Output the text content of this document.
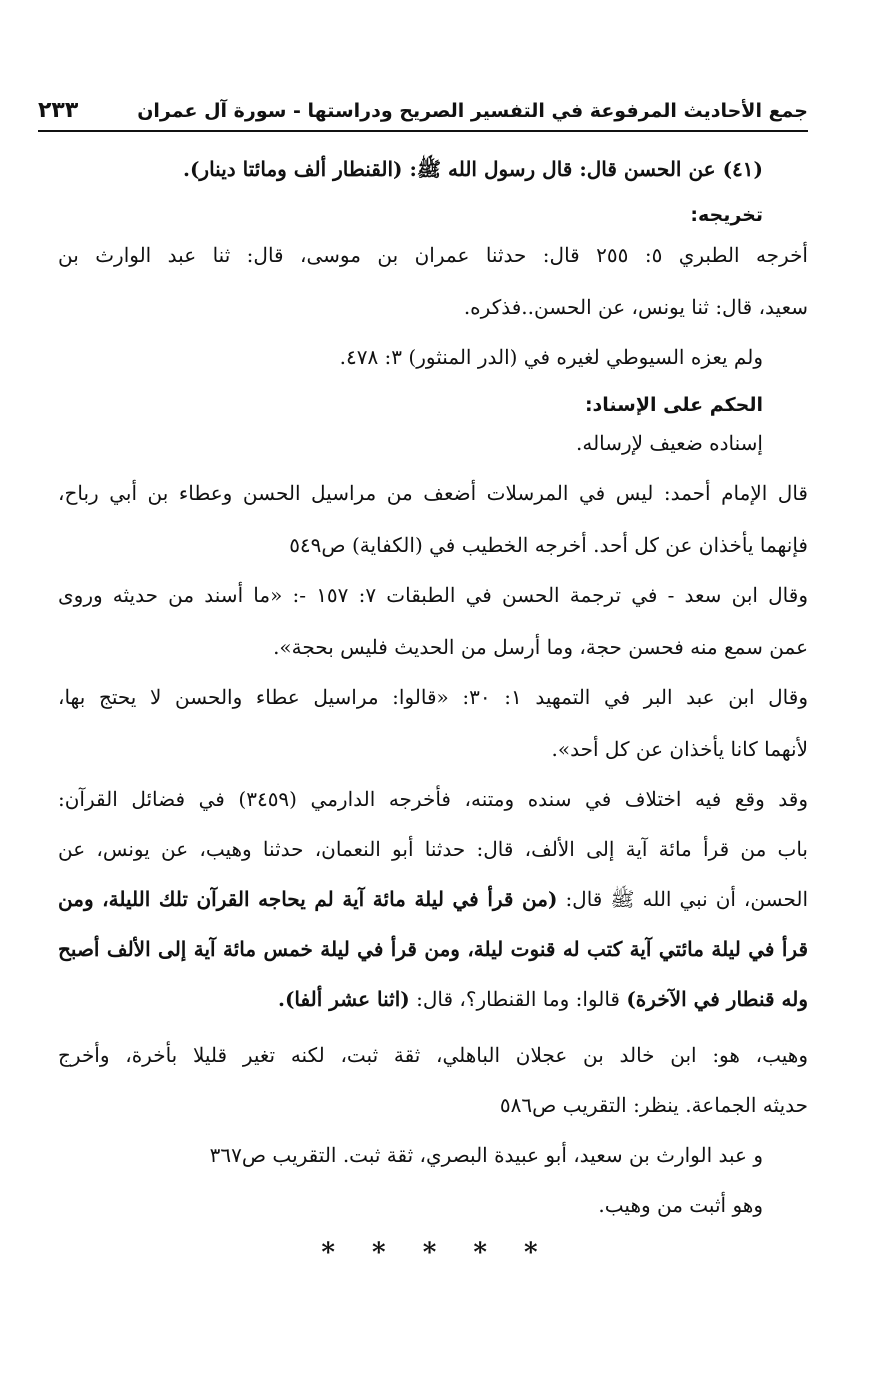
جمع الأحاديث المرفوعة في التفسير الصريح ودراستها - سورة آل عمران
٢٣٣
(٤١) عن الحسن قال: قال رسول الله ﷺ: (القنطار ألف ومائتا دينار).
تخريجه:
أخرجه الطبري ٥: ٢٥٥ قال: حدثنا عمران بن موسى، قال: ثنا عبد الوارث بن
سعيد، قال: ثنا يونس، عن الحسن..فذكره.
ولم يعزه السيوطي لغيره في (الدر المنثور) ٣: ٤٧٨.
الحكم على الإسناد:
إسناده ضعيف لإرساله.
قال الإمام أحمد: ليس في المرسلات أضعف من مراسيل الحسن وعطاء بن أبي رباح،
فإنهما يأخذان عن كل أحد. أخرجه الخطيب في (الكفاية) ص٥٤٩
وقال ابن سعد - في ترجمة الحسن في الطبقات ٧: ١٥٧ -: «ما أسند من حديثه وروى
عمن سمع منه فحسن حجة، وما أرسل من الحديث فليس بحجة».
وقال ابن عبد البر في التمهيد ١: ٣٠: «قالوا: مراسيل عطاء والحسن لا يحتج بها،
لأنهما كانا يأخذان عن كل أحد».
وقد وقع فيه اختلاف في سنده ومتنه، فأخرجه الدارمي (٣٤٥٩) في فضائل القرآن:
باب من قرأ مائة آية إلى الألف، قال: حدثنا أبو النعمان، حدثنا وهيب، عن يونس، عن
الحسن، أن نبي الله ﷺ قال: (من قرأ في ليلة مائة آية لم يحاجه القرآن تلك الليلة، ومن
قرأ في ليلة مائتي آية كتب له قنوت ليلة، ومن قرأ في ليلة خمس مائة آية إلى الألف أصبح
وله قنطار في الآخرة) قالوا: وما القنطار؟، قال: (اثنا عشر ألفا).
وهيب، هو: ابن خالد بن عجلان الباهلي، ثقة ثبت، لكنه تغير قليلا بأخرة، وأخرج
حديثه الجماعة. ينظر: التقريب ص٥٨٦
و عبد الوارث بن سعيد، أبو عبيدة البصري، ثقة ثبت. التقريب ص٣٦٧
وهو أثبت من وهيب.
* * * * *
